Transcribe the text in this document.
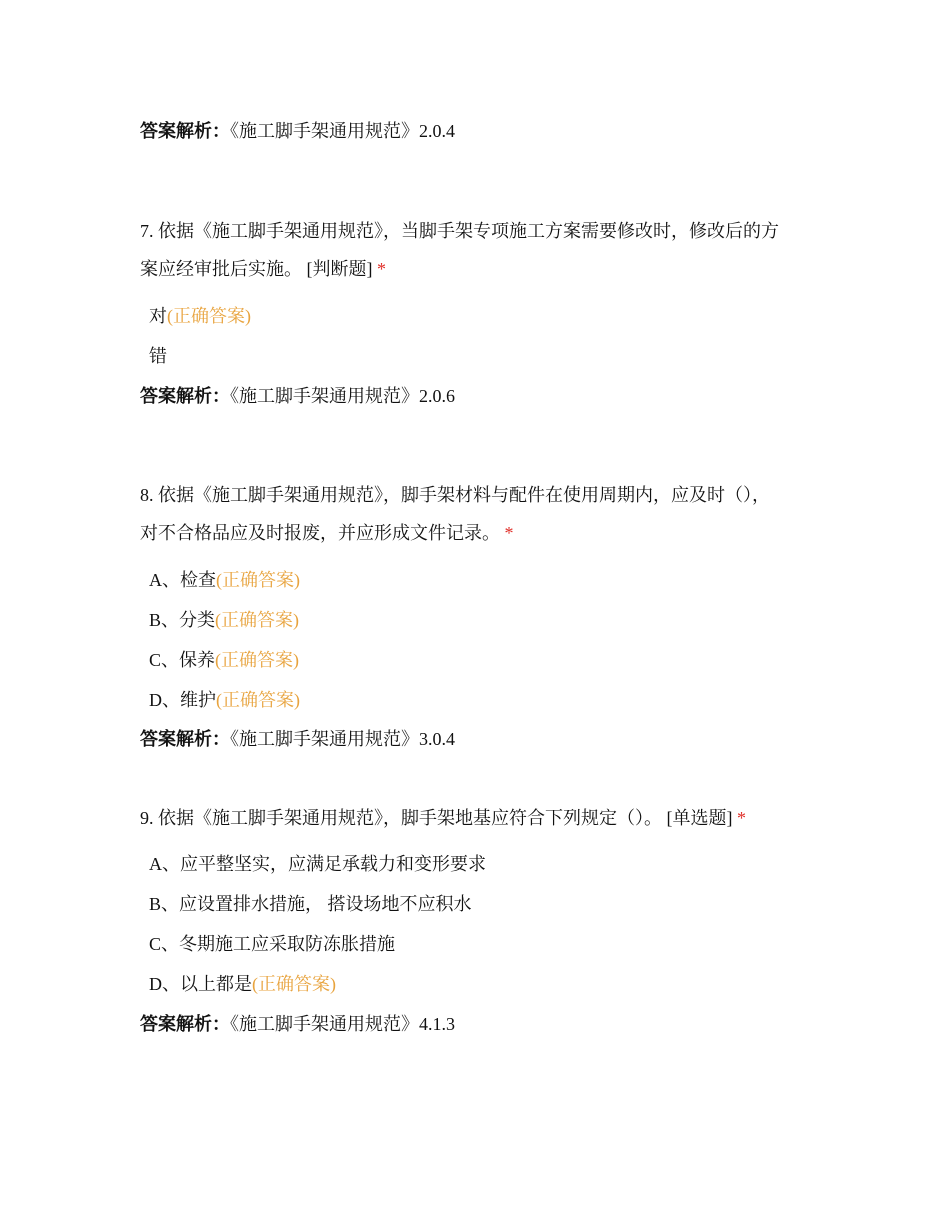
答案解析：《施工脚手架通用规范》2.0.4
7. 依据《施工脚手架通用规范》，当脚手架专项施工方案需要修改时，修改后的方
案应经审批后实施。 [判断题] *
对(正确答案)
错
答案解析：《施工脚手架通用规范》2.0.6
8. 依据《施工脚手架通用规范》，脚手架材料与配件在使用周期内，应及时（），
对不合格品应及时报废，并应形成文件记录。 *
A、检查(正确答案)
B、分类(正确答案)
C、保养(正确答案)
D、维护(正确答案)
答案解析：《施工脚手架通用规范》3.0.4
9. 依据《施工脚手架通用规范》，脚手架地基应符合下列规定（）。 [单选题] *
A、应平整坚实，应满足承载力和变形要求
B、应设置排水措施， 搭设场地不应积水
C、冬期施工应采取防冻胀措施
D、以上都是(正确答案)
答案解析：《施工脚手架通用规范》4.1.3
